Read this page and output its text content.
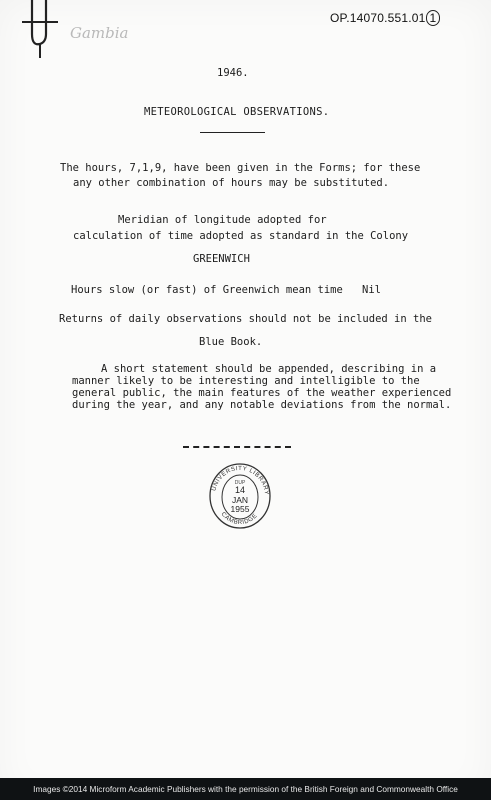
Gambia
OP.14070.551.01 1
1946.
METEOROLOGICAL OBSERVATIONS.
The hours, 7,1,9, have been given in the Forms; for these
any other combination of hours may be substituted.
Meridian of longitude adopted for
calculation of time adopted as standard in the Colony
GREENWICH
Hours slow (or fast) of Greenwich mean time Nil
Returns of daily observations should not be included in the
Blue Book.
A short statement should be appended, describing in a
manner likely to be interesting and intelligible to the
general public, the main features of the weather experienced
during the year, and any notable deviations from the normal.
UNIVERSITY LIBRARY
CAMBRIDGE
DUP
14
JAN
1955
Images ©2014 Microform Academic Publishers with the permission of the British Foreign and Commonwealth Office
